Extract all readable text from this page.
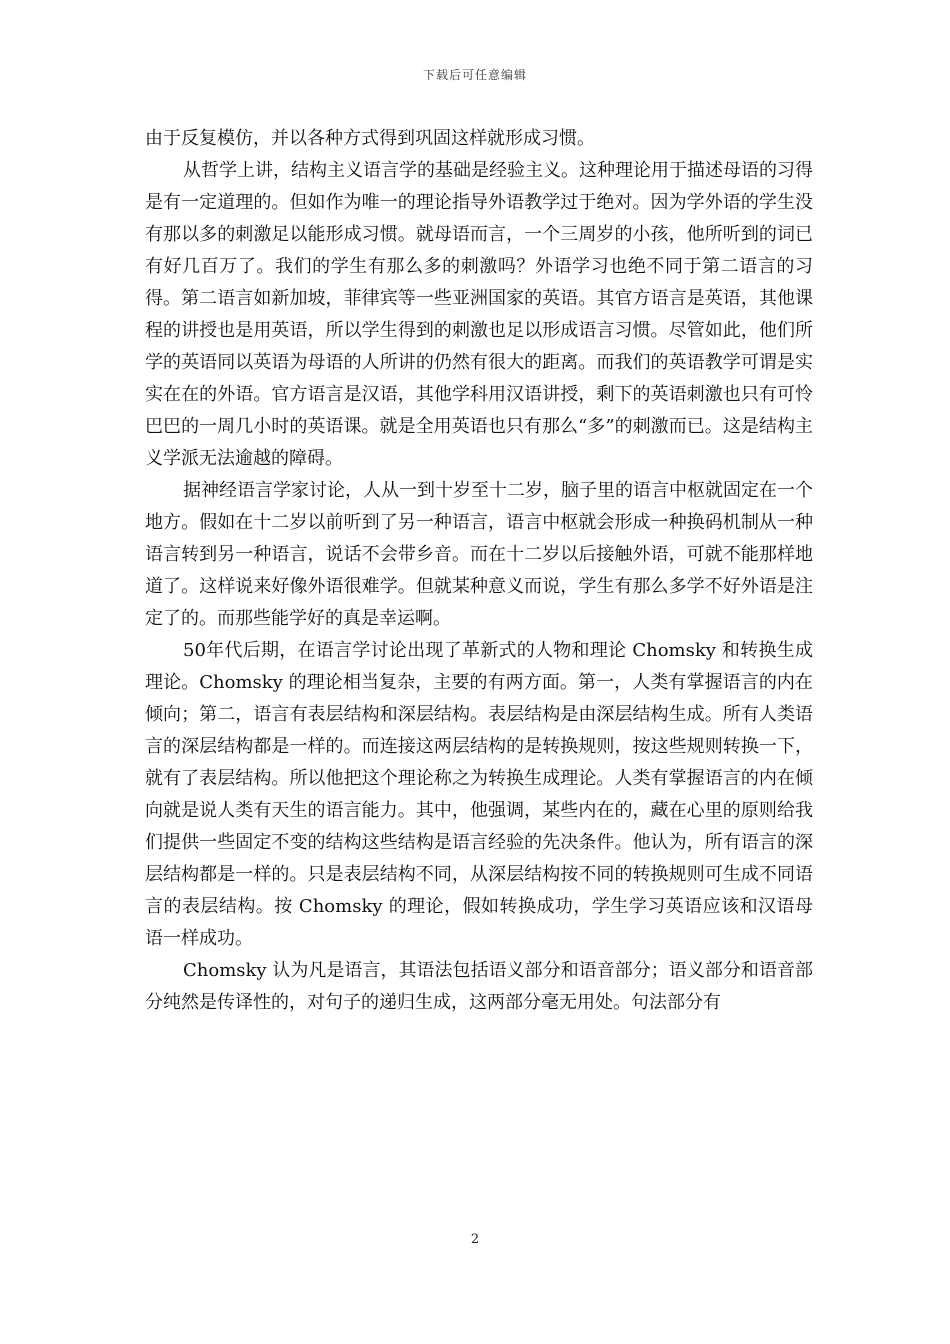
下载后可任意编辑

由于反复模仿，并以各种方式得到巩固这样就形成习惯。

从哲学上讲，结构主义语言学的基础是经验主义。这种理论用于描述母语的习得是有一定道理的。但如作为唯一的理论指导外语教学过于绝对。因为学外语的学生没有那以多的刺激足以能形成习惯。就母语而言，一个三周岁的小孩，他所听到的词已有好几百万了。我们的学生有那么多的刺激吗？外语学习也绝不同于第二语言的习得。第二语言如新加坡，菲律宾等一些亚洲国家的英语。其官方语言是英语，其他课程的讲授也是用英语，所以学生得到的刺激也足以形成语言习惯。尽管如此，他们所学的英语同以英语为母语的人所讲的仍然有很大的距离。而我们的英语教学可谓是实实在在的外语。官方语言是汉语，其他学科用汉语讲授，剩下的英语刺激也只有可怜巴巴的一周几小时的英语课。就是全用英语也只有那么“多”的刺激而已。这是结构主义学派无法逾越的障碍。

据神经语言学家讨论，人从一到十岁至十二岁，脑子里的语言中枢就固定在一个地方。假如在十二岁以前听到了另一种语言，语言中枢就会形成一种换码机制从一种语言转到另一种语言，说话不会带乡音。而在十二岁以后接触外语，可就不能那样地道了。这样说来好像外语很难学。但就某种意义而说，学生有那么多学不好外语是注定了的。而那些能学好的真是幸运啊。

50年代后期，在语言学讨论出现了革新式的人物和理论 Chomsky 和转换生成理论。Chomsky 的理论相当复杂，主要的有两方面。第一，人类有掌握语言的内在倾向；第二，语言有表层结构和深层结构。表层结构是由深层结构生成。所有人类语言的深层结构都是一样的。而连接这两层结构的是转换规则，按这些规则转换一下，就有了表层结构。所以他把这个理论称之为转换生成理论。人类有掌握语言的内在倾向就是说人类有天生的语言能力。其中，他强调，某些内在的，藏在心里的原则给我们提供一些固定不变的结构这些结构是语言经验的先决条件。他认为，所有语言的深层结构都是一样的。只是表层结构不同，从深层结构按不同的转换规则可生成不同语言的表层结构。按 Chomsky 的理论，假如转换成功，学生学习英语应该和汉语母语一样成功。

Chomsky 认为凡是语言，其语法包括语义部分和语音部分；语义部分和语音部分纯然是传译性的，对句子的递归生成，这两部分毫无用处。句法部分有

2
